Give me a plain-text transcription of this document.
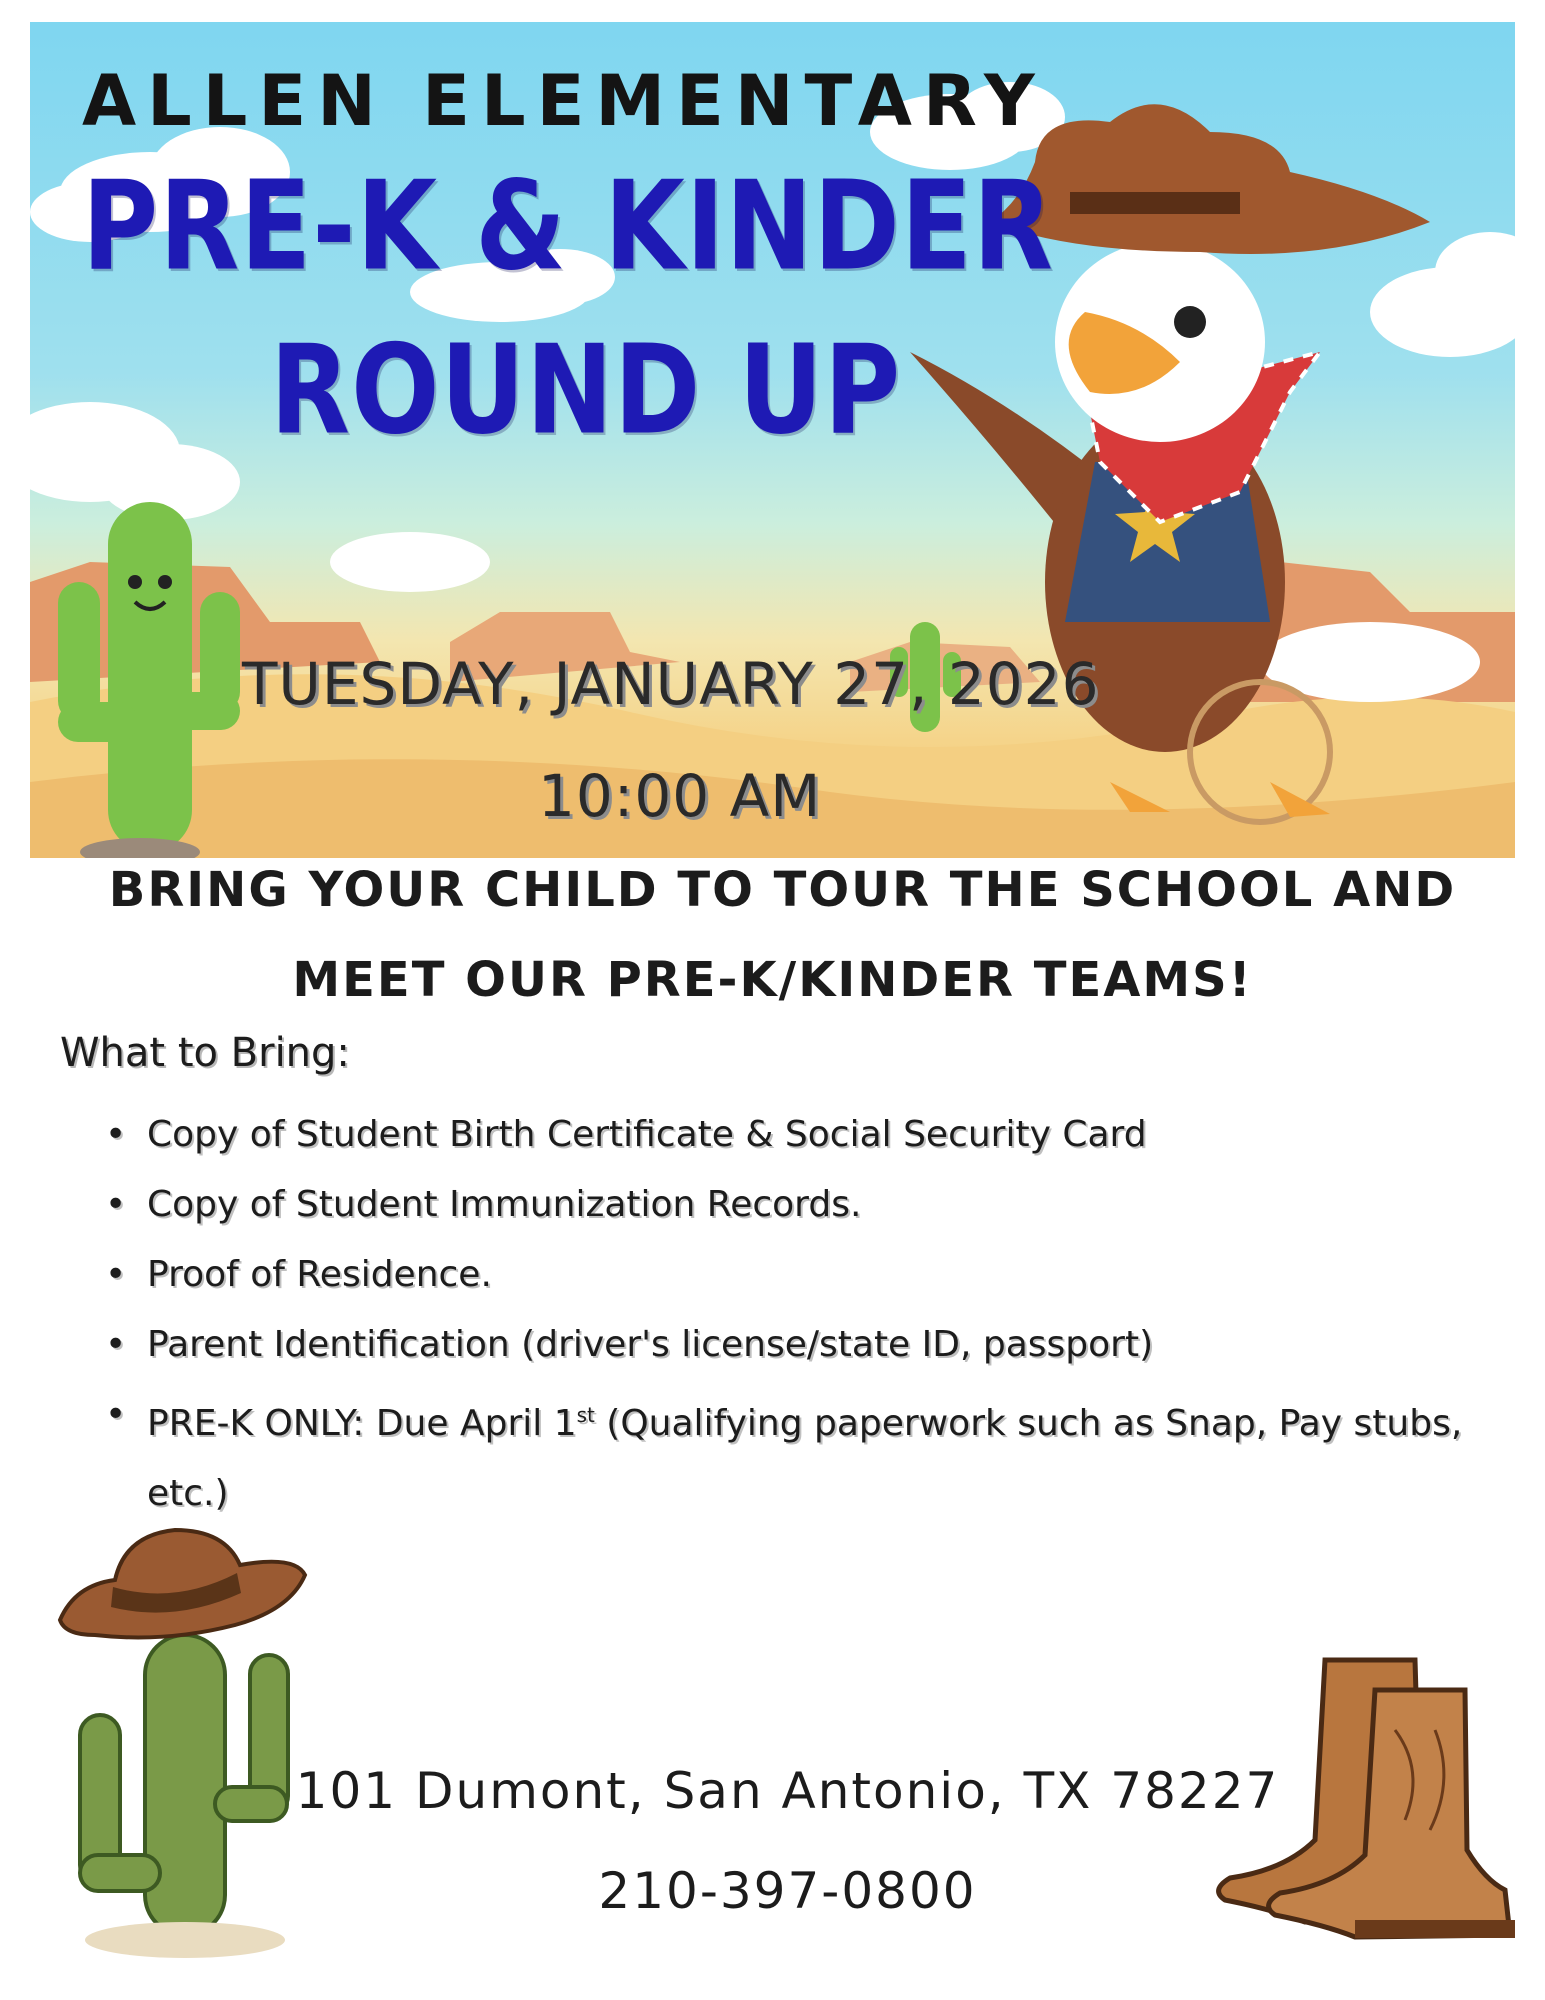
ALLEN ELEMENTARY
PRE-K & KINDER
ROUND UP
TUESDAY, JANUARY 27, 2026
10:00 AM
BRING YOUR CHILD TO TOUR THE SCHOOL AND
MEET OUR PRE-K/KINDER TEAMS!
What to Bring:
• Copy of Student Birth Certificate & Social Security Card
• Copy of Student Immunization Records.
• Proof of Residence.
• Parent Identification (driver's license/state ID, passport)
• PRE-K ONLY: Due April 1st (Qualifying paperwork such as Snap, Pay stubs, etc.)
101 Dumont, San Antonio, TX 78227
210-397-0800
